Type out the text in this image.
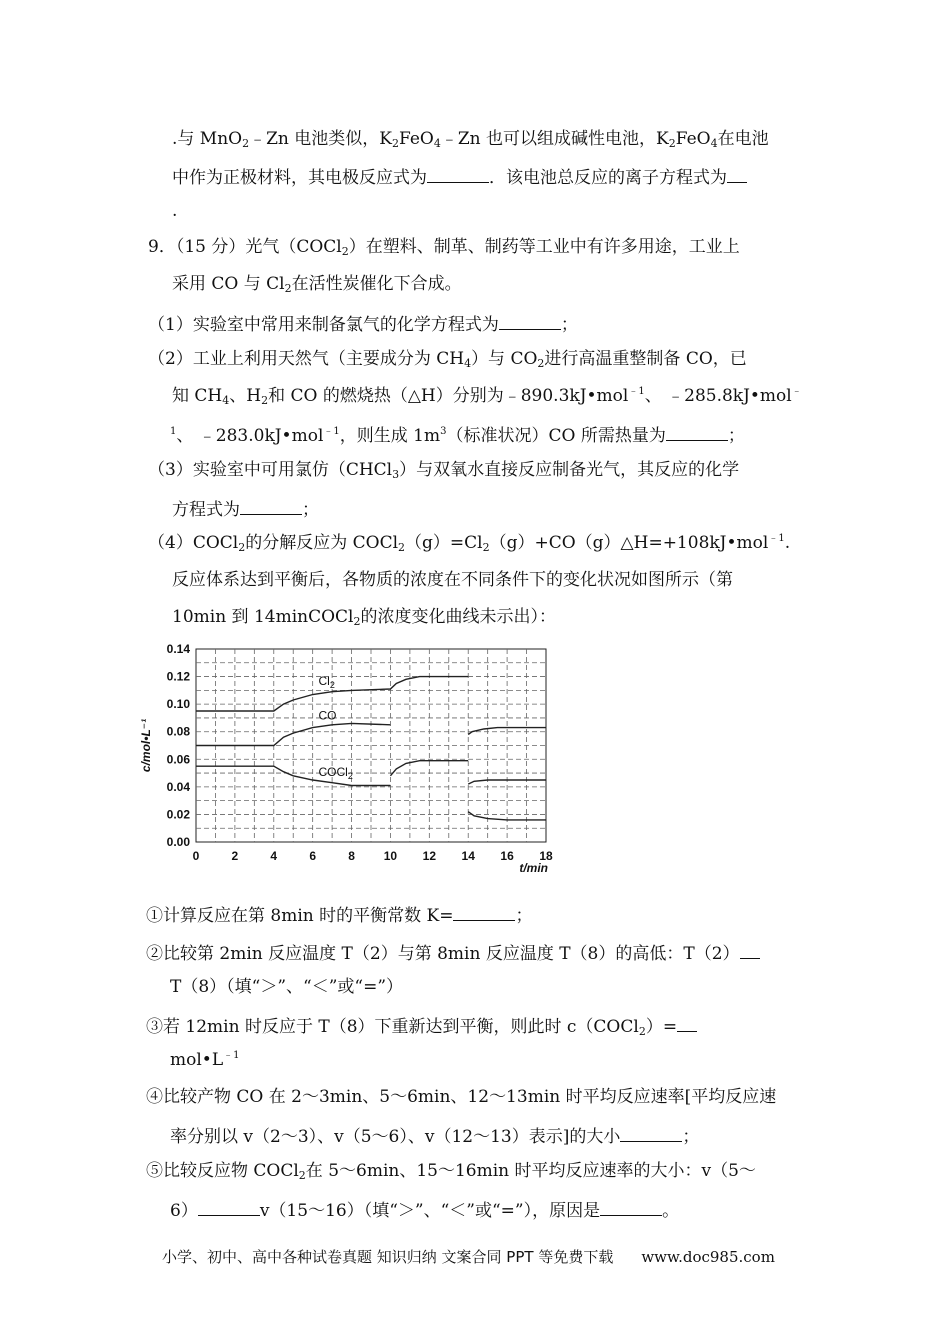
.与 MnO$_2$﹣Zn 电池类似，$K_2FeO_4﹣Zn$ 也可以组成碱性电池，$K_2FeO_4$在电池
中作为正极材料，其电极反应式为	．该电池总反应的离子方程式为
.
9．（15 分）光气（COCl$_2$）在塑料、制革、制药等工业中有许多用途，工业上
采用 CO 与 $Cl_2$在活性炭催化下合成。
（1）实验室中常用来制备氯气的化学方程式为	；
（2）工业上利用天然气（主要成分为 $CH_4$）与 $CO_2$进行高温重整制备 CO，已
知 $CH_4$、$H_2$和 CO 的燃烧热（△H）分别为﹣890.3kJ•mol$^{﹣1}$、 ﹣285.8kJ•mol﹣
$^1$、 ﹣283.0kJ•mol$^{﹣1}$，则生成 $1m^3$（标准状况）CO 所需热量为	；
（3）实验室中可用氯仿（CHCl$_3$）与双氧水直接反应制备光气，其反应的化学
方程式为	；
（4）COCl$_2$的分解反应为 $COCl_2(g)=Cl_2(g)+CO(g)\triangle H=+108kJ•mol^{﹣1}$.
反应体系达到平衡后，各物质的浓度在不同条件下的变化状况如图所示（第
10min 到 14minCOCl$_2$的浓度变化曲线未示出）：
0	2	4	6	8 10 12 14 16 18
0.00
0.02
0.04
0.06
0.08
0.10
0.12
0.14
t/min
c/mol•L⁻¹
$Cl_2$
CO
COCl$_2$
①计算反应在第 8min 时的平衡常数 K=	；
②比较第 2min 反应温度 T（2）与第 8min 反应温度 T（8）的高低：T（2）
T（8）（填“＞”、“＜”或“=”）
③若 12min 时反应于 T（8）下重新达到平衡，则此时 c（COCl$_2$）=
$mol•L^{﹣1}$
④比较产物 CO 在 2～3min、5～6min、12～13min 时平均反应速率[平均反应速
率分别以 v（2～3）、v（5～6）、v（12～13）表示]的大小	；
⑤比较反应物 COCl$_2$在 5～6min、15～16min 时平均反应速率的大小：v（5～
6）	v（15～16）（填“＞”、“＜”或“=”），原因是	。
小学、初中、高中各种试卷真题 知识归纳 文案合同 PPT 等免费下载 www.doc985.com
